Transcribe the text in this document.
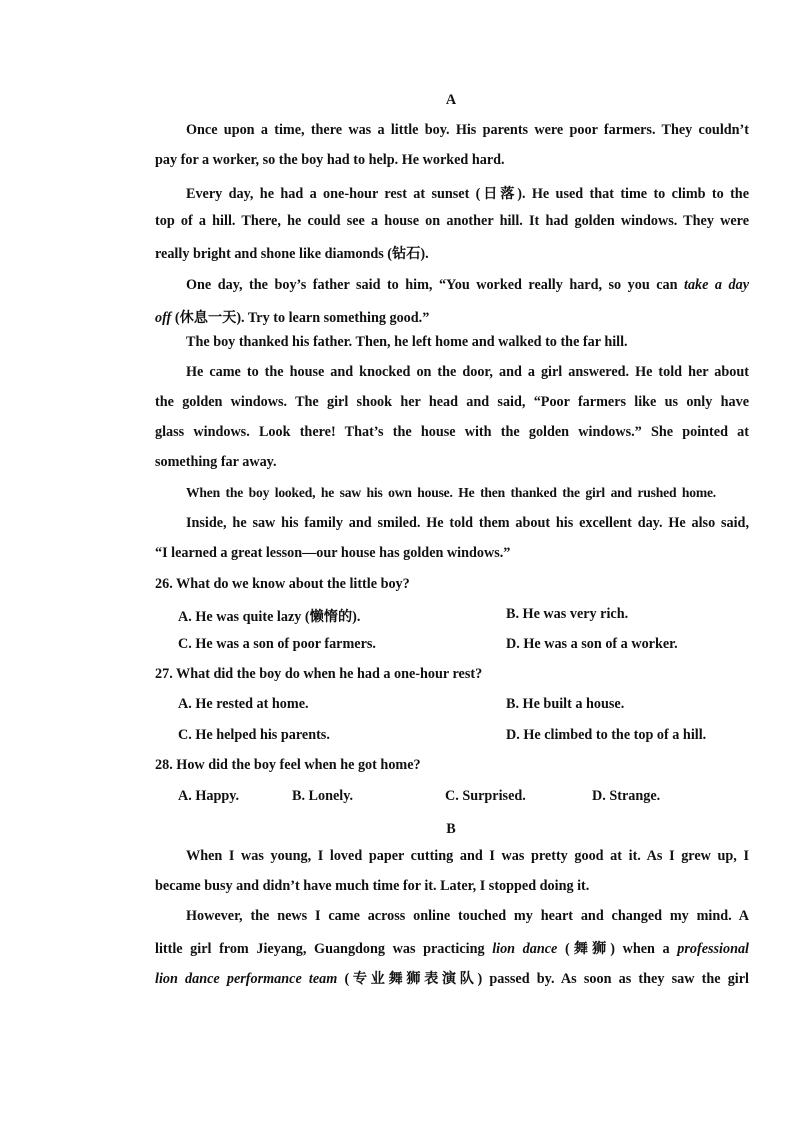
A
Once upon a time, there was a little boy. His parents were poor farmers. They couldn’t
pay for a worker, so the boy had to help. He worked hard.
Every day, he had a one-hour rest at sunset (日落). He used that time to climb to the
top of a hill. There, he could see a house on another hill. It had golden windows. They were
really bright and shone like diamonds (钻石).
One day, the boy’s father said to him, “You worked really hard, so you can take a day
off (休息一天). Try to learn something good.”
The boy thanked his father. Then, he left home and walked to the far hill.
He came to the house and knocked on the door, and a girl answered. He told her about
the golden windows. The girl shook her head and said, “Poor farmers like us only have
glass windows. Look there! That’s the house with the golden windows.” She pointed at
something far away.
When the boy looked, he saw his own house. He then thanked the girl and rushed home.
Inside, he saw his family and smiled. He told them about his excellent day. He also said,
“I learned a great lesson—our house has golden windows.”
26. What do we know about the little boy?
A. He was quite lazy (懒惰的).	B. He was very rich.
C. He was a son of poor farmers.	D. He was a son of a worker.
27. What did the boy do when he had a one-hour rest?
A. He rested at home.	B. He built a house.
C. He helped his parents.	D. He climbed to the top of a hill.
28. How did the boy feel when he got home?
A. Happy.	B. Lonely.	C. Surprised.	D. Strange.
B
When I was young, I loved paper cutting and I was pretty good at it. As I grew up, I
became busy and didn’t have much time for it. Later, I stopped doing it.
However, the news I came across online touched my heart and changed my mind. A
little girl from Jieyang, Guangdong was practicing lion dance (舞狮) when a professional
lion dance performance team (专业舞狮表演队) passed by. As soon as they saw the girl
